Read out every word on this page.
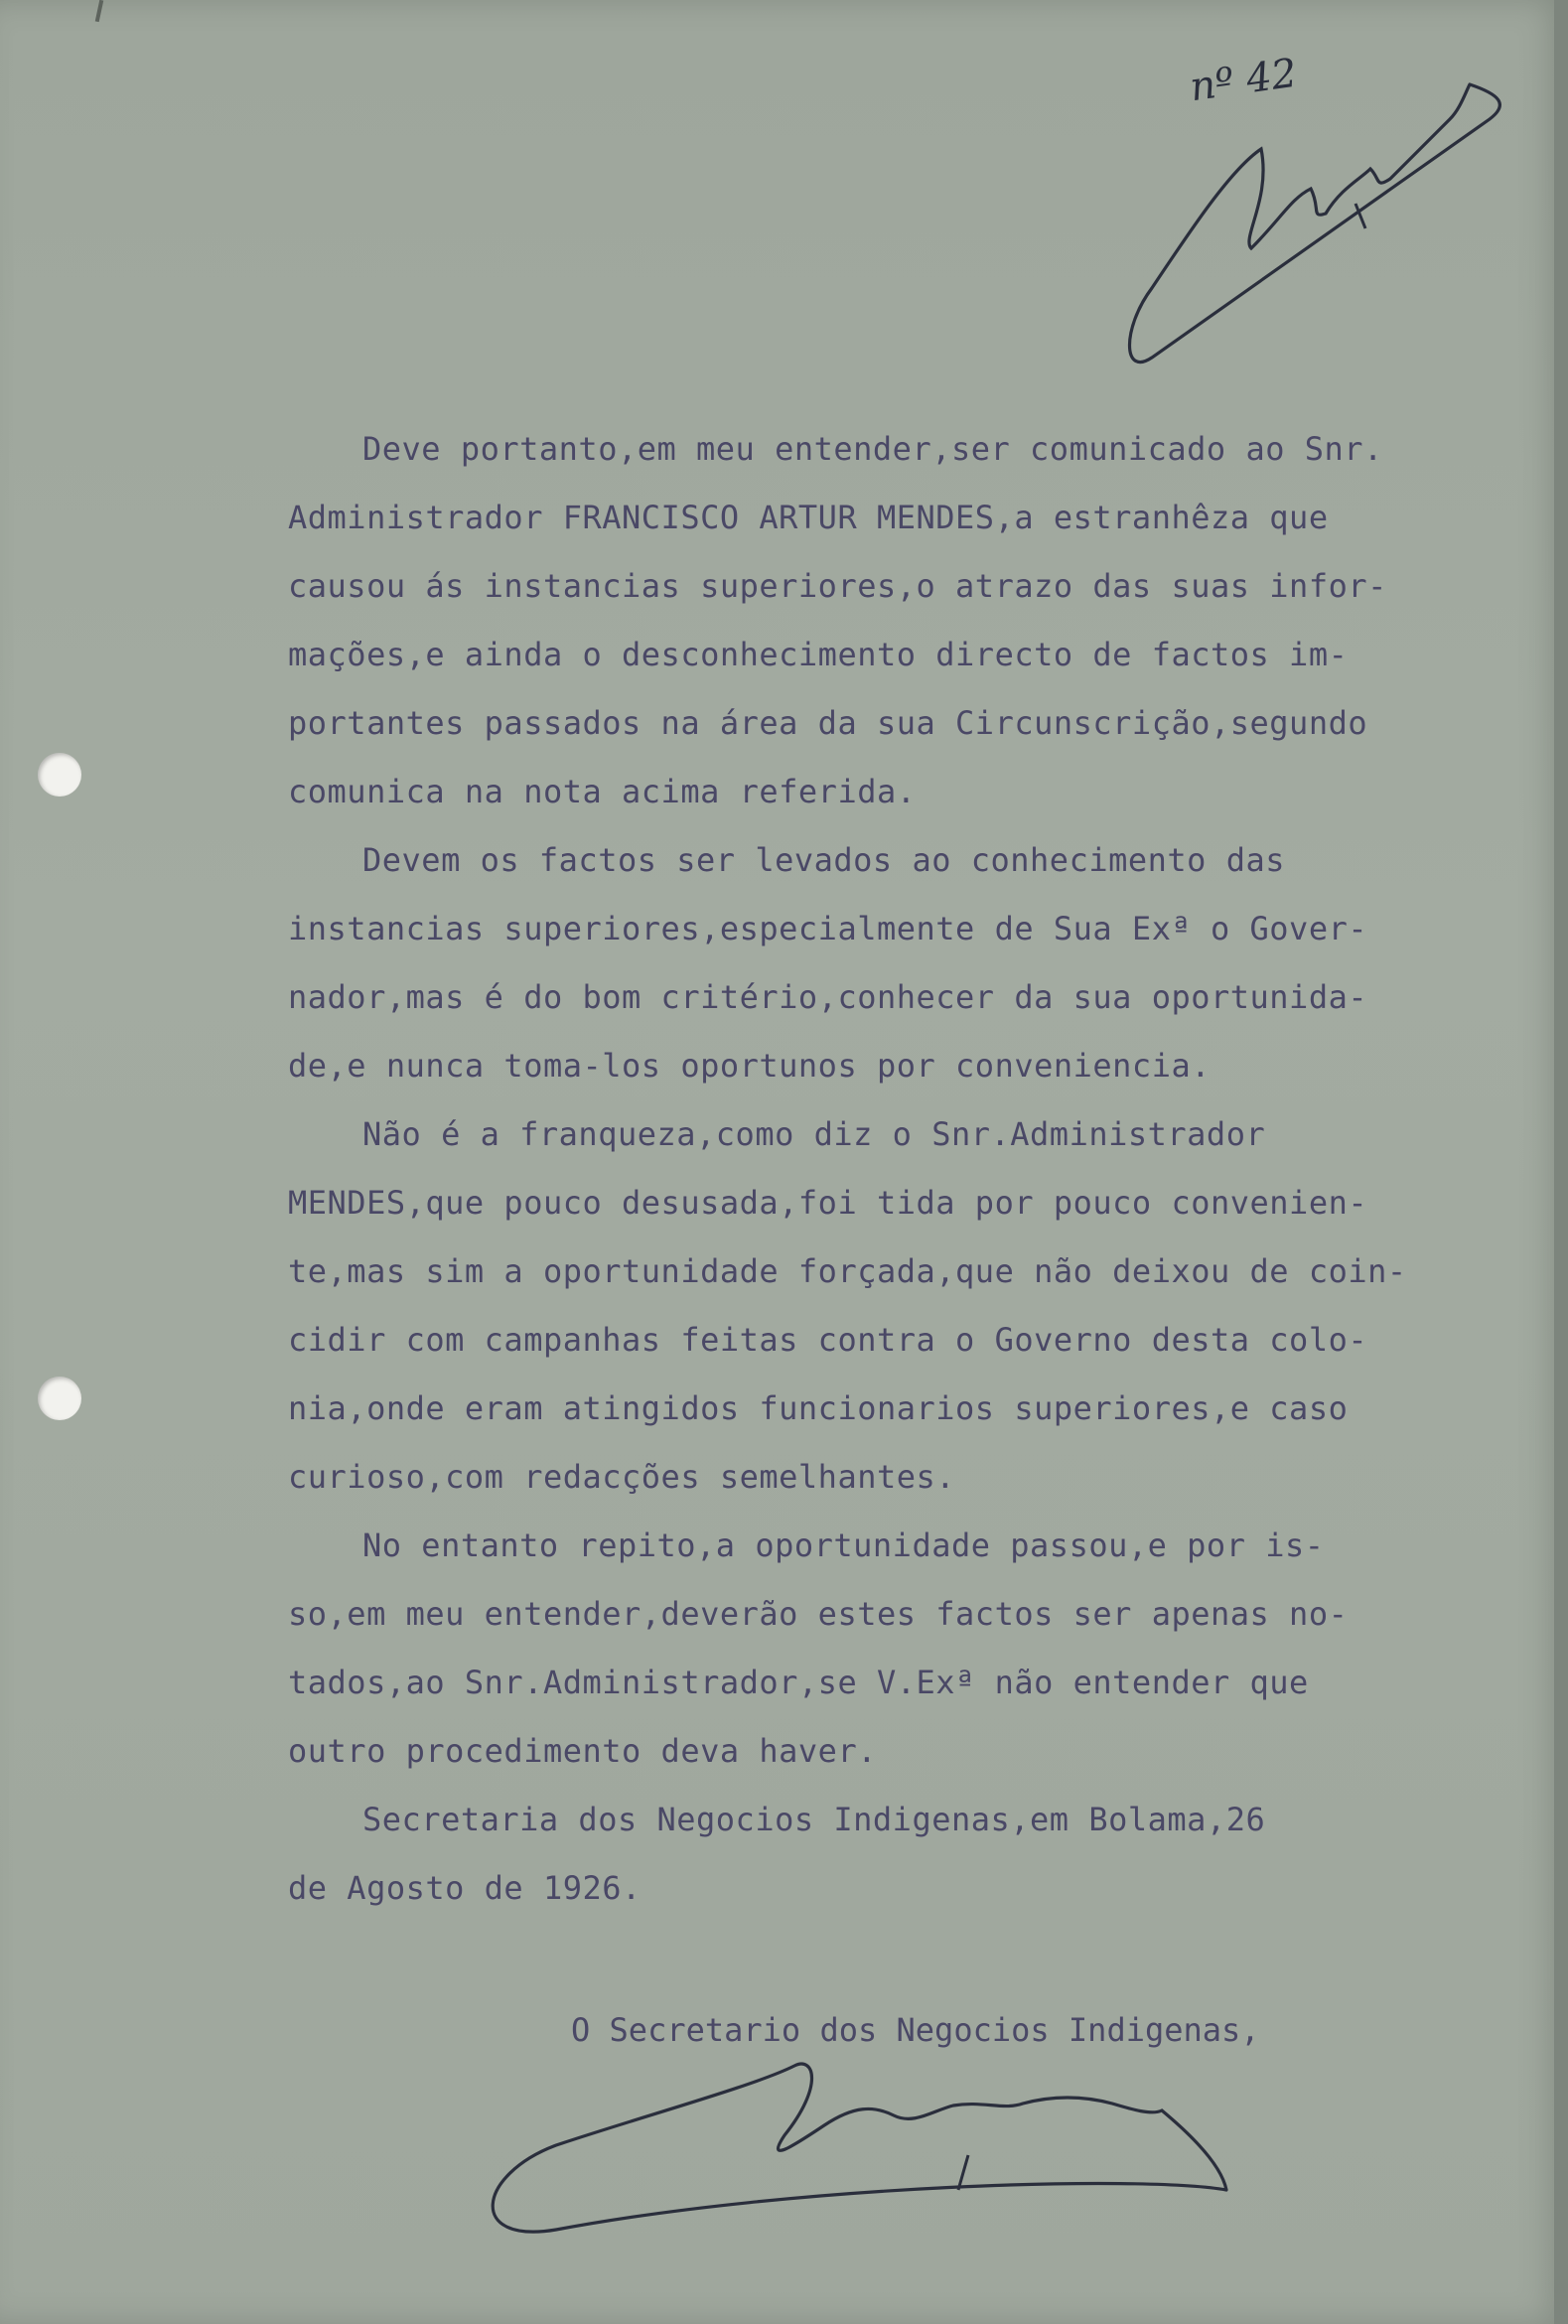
nº 42
Deve portanto,em meu entender,ser comunicado ao Snr.
Administrador FRANCISCO ARTUR MENDES,a estranhêza que
causou ás instancias superiores,o atrazo das suas infor-
mações,e ainda o desconhecimento directo de factos im-
portantes passados na área da sua Circunscrição,segundo
comunica na nota acima referida.
Devem os factos ser levados ao conhecimento das
instancias superiores,especialmente de Sua Exª o Gover-
nador,mas é do bom critério,conhecer da sua oportunida-
de,e nunca toma-los oportunos por conveniencia.
Não é a franqueza,como diz o Snr.Administrador
MENDES,que pouco desusada,foi tida por pouco convenien-
te,mas sim a oportunidade forçada,que não deixou de coin-
cidir com campanhas feitas contra o Governo desta colo-
nia,onde eram atingidos funcionarios superiores,e caso
curioso,com redacções semelhantes.
No entanto repito,a oportunidade passou,e por is-
so,em meu entender,deverão estes factos ser apenas no-
tados,ao Snr.Administrador,se V.Exª não entender que
outro procedimento deva haver.
Secretaria dos Negocios Indigenas,em Bolama,26
de Agosto de 1926.
O Secretario dos Negocios Indigenas,
